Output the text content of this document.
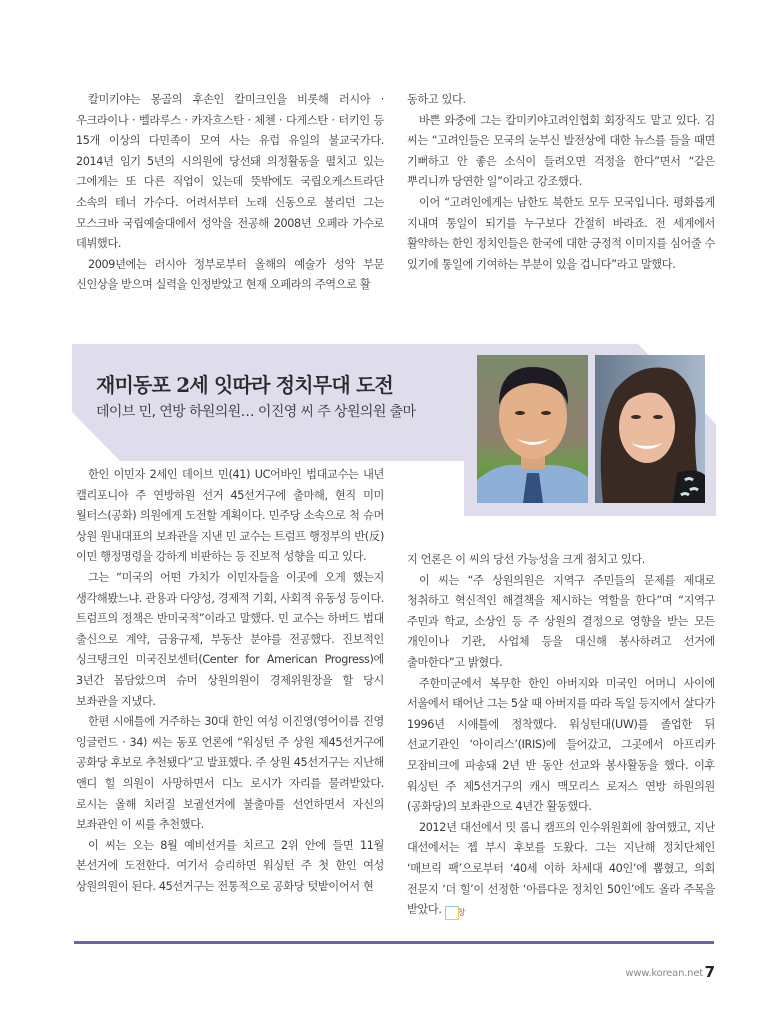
칼미키야는 몽골의 후손인 칼미크인을 비롯해 러시아 · 우크라이나 · 벨라루스 · 카자흐스탄 · 체첸 · 다게스탄 · 터키인 등 15개 이상의 다민족이 모여 사는 유럽 유일의 불교국가다. 2014년 임기 5년의 시의원에 당선돼 의정활동을 펼치고 있는 그에게는 또 다른 직업이 있는데 뜻밖에도 국립오케스트라단 소속의 테너 가수다. 어려서부터 노래 신동으로 불리던 그는 모스크바 국립예술대에서 성악을 전공해 2008년 오페라 가수로 데뷔했다.

2009년에는 러시아 정부로부터 올해의 예술가 성악 부문 신인상을 받으며 실력을 인정받았고 현재 오페라의 주역으로 활

동하고 있다.

바쁜 와중에 그는 칼미키야고려인협회 회장직도 맡고 있다. 김 씨는 “고려인들은 모국의 눈부신 발전상에 대한 뉴스를 들을 때면 기뻐하고 안 좋은 소식이 들려오면 걱정을 한다”면서 “같은 뿌리니까 당연한 일”이라고 강조했다.

이어 “고려인에게는 남한도 북한도 모두 모국입니다. 평화롭게 지내며 통일이 되기를 누구보다 간절히 바라죠. 전 세계에서 활약하는 한인 정치인들은 한국에 대한 긍정적 이미지를 심어줄 수 있기에 통일에 기여하는 부분이 있을 겁니다”라고 말했다.

재미동포 2세 잇따라 정치무대 도전
데이브 민, 연방 하원의원… 이진영 씨 주 상원의원 출마

한인 이민자 2세인 데이브 민(41) UC어바인 법대교수는 내년 캘리포니아 주 연방하원 선거 45선거구에 출마해, 현직 미미 월터스(공화) 의원에게 도전할 계획이다. 민주당 소속으로 척 슈머 상원 원내대표의 보좌관을 지낸 민 교수는 트럼프 행정부의 반(反)이민 행정명령을 강하게 비판하는 등 진보적 성향을 띠고 있다.

그는 “미국의 어떤 가치가 이민자들을 이곳에 오게 했는지 생각해봤느냐. 관용과 다양성, 경제적 기회, 사회적 유동성 등이다. 트럼프의 정책은 반미국적”이라고 말했다. 민 교수는 하버드 법대 출신으로 계약, 금융규제, 부동산 분야를 전공했다. 진보적인 싱크탱크인 미국진보센터(Center for American Progress)에 3년간 몸담았으며 슈머 상원의원이 경제위원장을 할 당시 보좌관을 지냈다.

한편 시애틀에 거주하는 30대 한인 여성 이진영(영어이름 진영 잉글런드 · 34) 씨는 동포 언론에 “워싱턴 주 상원 제45선거구에 공화당 후보로 추천됐다”고 발표했다. 주 상원 45선거구는 지난해 앤디 힐 의원이 사망하면서 디노 로시가 자리를 물려받았다. 로시는 올해 치러질 보궐선거에 불출마를 선언하면서 자신의 보좌관인 이 씨를 추천했다.

이 씨는 오는 8월 예비선거를 치르고 2위 안에 들면 11월 본선거에 도전한다. 여기서 승리하면 워싱턴 주 첫 한인 여성 상원의원이 된다. 45선거구는 전통적으로 공화당 텃밭이어서 현

지 언론은 이 씨의 당선 가능성을 크게 점치고 있다.

이 씨는 “주 상원의원은 지역구 주민들의 문제를 제대로 청취하고 혁신적인 해결책을 제시하는 역할을 한다”며 “지역구 주민과 학교, 소상인 등 주 상원의 결정으로 영향을 받는 모든 개인이나 기관, 사업체 등을 대신해 봉사하려고 선거에 출마한다”고 밝혔다.

주한미군에서 복무한 한인 아버지와 미국인 어머니 사이에 서울에서 태어난 그는 5살 때 아버지를 따라 독일 등지에서 살다가 1996년 시애틀에 정착했다. 워싱턴대(UW)를 졸업한 뒤 선교기관인 ‘아이리스’(IRIS)에 들어갔고, 그곳에서 아프리카 모잠비크에 파송돼 2년 반 동안 선교와 봉사활동을 했다. 이후 워싱턴 주 제5선거구의 캐시 맥모리스 로저스 연방 하원의원(공화당)의 보좌관으로 4년간 활동했다.

2012년 대선에서 밋 롬니 캠프의 인수위원회에 참여했고, 지난 대선에서는 젭 부시 후보를 도왔다. 그는 지난해 정치단체인 ‘매브릭 팩’으로부터 ‘40세 이하 차세대 40인’에 뽑혔고, 의회 전문지 ‘더 힐’이 선정한 ‘아름다운 정치인 50인’에도 올라 주목을 받았다. 창

www.korean.net 7
